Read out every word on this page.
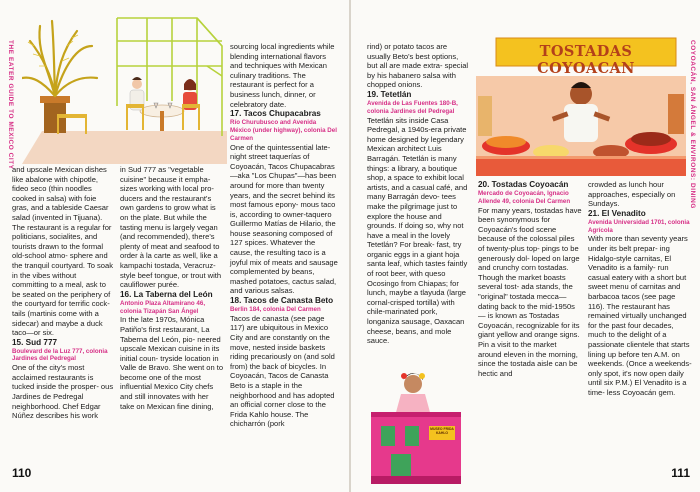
THE EATER GUIDE TO MEXICO CITY

and upscale Mexican dishes like abalone with chipotle, fideo seco (thin noodles cooked in salsa) with foie gras, and a tableside Caesar salad (invented in Tijuana). The restaurant is a regular for politicians, socialites, and tourists drawn to the formal old-school atmo- sphere and the tranquil courtyard. To soak in the vibes without committing to a meal, ask to be seated on the periphery of the courtyard for terrific cock- tails (martinis come with a sidecar) and maybe a duck taco—or six.

15. Sud 777

Boulevard de la Luz 777, colonia Jardines del Pedregal

One of the city's most acclaimed restaurants is tucked inside the prosper- ous Jardines de Pedregal neighborhood. Chef Edgar Núñez describes his work

in Sud 777 as "vegetable cuisine" because it empha- sizes working with local pro- ducers and the restaurant's own gardens to grow what is on the plate. But while the tasting menu is largely vegan (and recommended), there's plenty of meat and seafood to order à la carte as well, like a kampachi tostada, Veracruz-style beef tongue, or trout with cauliflower purée.

16. La Taberna del León

Antonio Plaza Altamirano 46, colonia Tizapán San Ángel

In the late 1970s, Mónica Patiño's first restaurant, La Taberna del León, pio- neered upscale Mexican cuisine in its initial coun- tryside location in Valle de Bravo. She went on to become one of the most influential Mexico City chefs and still innovates with her take on Mexican fine dining,

sourcing local ingredients while blending international flavors and techniques with Mexican culinary traditions. The restaurant is perfect for a business lunch, dinner, or celebratory date.

17. Tacos Chupacabras

Río Churubusco and Avenida México (under highway), colonia Del Carmen

One of the quintessential late-night street taquerías of Coyoacán, Tacos Chupacabras—aka "Los Chupas"—has been around for more than twenty years, and the secret behind its most famous epony- mous taco is, according to owner-taquero Guillermo Matías de Hilario, the house seasoning composed of 127 spices. Whatever the cause, the resulting taco is a joyful mix of meats and sausage complemented by beans, mashed potatoes, cactus salad, and various salsas.

18. Tacos de Canasta Beto

Berlin 184, colonia Del Carmen

Tacos de canasta (see page 117) are ubiquitous in Mexico City and are constantly on the move, nested inside baskets riding precariously on (and sold from) the back of bicycles. In Coyoacán, Tacos de Canasta Beto is a staple in the neighborhood and has adopted an official corner close to the Frida Kahlo house. The chicharrón (pork

110
COYOACÁN, SAN ÁNGEL & ENVIRONS: DINING
TOSTADAS COYOACAN
MUSEO FRIDA KAHLO

rind) or potato tacos are usually Beto's best options, but all are made extra- special by his habanero salsa with chopped onions.

19. Tetetlán

Avenida de Las Fuentes 180-B, colonia Jardines del Pedregal

Tetetlán sits inside Casa Pedregal, a 1940s-era private home designed by legendary Mexican architect Luis Barragán. Tetetlán is many things: a library, a boutique shop, a space to exhibit local artists, and a casual café, and many Barragán devo- tees make the pilgrimage just to explore the house and grounds. If doing so, why not have a meal in the lovely Tetetlán? For break- fast, try organic eggs in a giant hoja santa leaf, which tastes faintly of root beer, with queso Ocosingo from Chiapas; for lunch, maybe a tlayuda (large cornal-crisped tortilla) with chile-marinated pork, longaniza sausage, Oaxacan cheese, beans, and mole sauce.

20. Tostadas Coyoacán

Mercado de Coyoacán, Ignacio Allende 49, colonia Del Carmen

For many years, tostadas have been synonymous for Coyoacán's food scene because of the colossal piles of twenty-plus top- pings to be generously dol- loped on large and crunchy corn tostadas. Though the market boasts several tost- ada stands, the "original" tostada mecca—dating back to the mid-1950s— is known as Tostadas Coyoacán, recognizable for its giant yellow and orange signs. Pin a visit to the market around eleven in the morning, since the tostada aisle can be hectic and

crowded as lunch hour approaches, especially on Sundays.

21. El Venadito

Avenida Universidad 1701, colonia Agrícola

With more than seventy years under its belt prepar- ing Hidalgo-style carnitas, El Venadito is a family- run casual eatery with a short but sweet menu of carnitas and barbacoa tacos (see page 116). The restaurant has remained virtually unchanged for the past four decades, much to the delight of a passionate clientele that starts lining up before ten A.M. on weekends. (Once a weekends-only spot, it's now open daily until six P.M.) El Venadito is a time- less Coyoacán gem.

111
